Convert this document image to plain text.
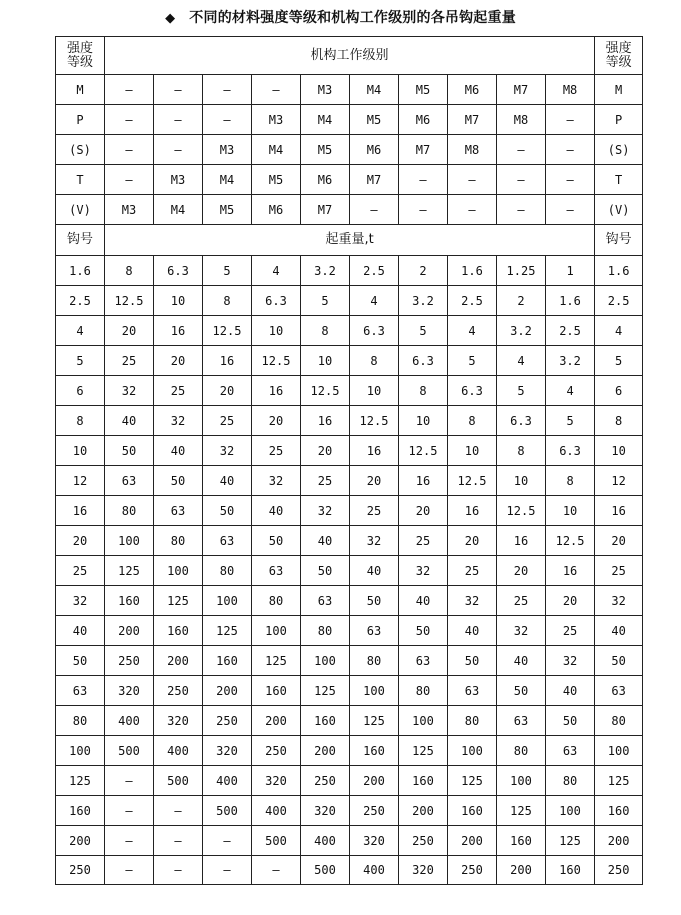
◆ 不同的材料强度等级和机构工作级别的各吊钩起重量
强度
等级	机构工作级别										强度
等级
M	—	—	—	—	M3	M4	M5	M6	M7	M8	M
P	—	—	—	M3	M4	M5	M6	M7	M8	—	P
(S)	—	—	M3	M4	M5	M6	M7	M8	—	—	(S)
T	—	M3	M4	M5	M6	M7	—	—	—	—	T
(V)	M3	M4	M5	M6	M7	—	—	—	—	—	(V)
钩号	起重量,t										钩号
1.6	8	6.3	5	4	3.2	2.5	2	1.6	1.25	1	1.6
2.5	12.5	10	8	6.3	5	4	3.2	2.5	2	1.6	2.5
4	20	16	12.5	10	8	6.3	5	4	3.2	2.5	4
5	25	20	16	12.5	10	8	6.3	5	4	3.2	5
6	32	25	20	16	12.5	10	8	6.3	5	4	6
8	40	32	25	20	16	12.5	10	8	6.3	5	8
10	50	40	32	25	20	16	12.5	10	8	6.3	10
12	63	50	40	32	25	20	16	12.5	10	8	12
16	80	63	50	40	32	25	20	16	12.5	10	16
20	100	80	63	50	40	32	25	20	16	12.5	20
25	125	100	80	63	50	40	32	25	20	16	25
32	160	125	100	80	63	50	40	32	25	20	32
40	200	160	125	100	80	63	50	40	32	25	40
50	250	200	160	125	100	80	63	50	40	32	50
63	320	250	200	160	125	100	80	63	50	40	63
80	400	320	250	200	160	125	100	80	63	50	80
100	500	400	320	250	200	160	125	100	80	63	100
125	—	500	400	320	250	200	160	125	100	80	125
160	—	—	500	400	320	250	200	160	125	100	160
200	—	—	—	500	400	320	250	200	160	125	200
250	—	—	—	—	500	400	320	250	200	160	250
